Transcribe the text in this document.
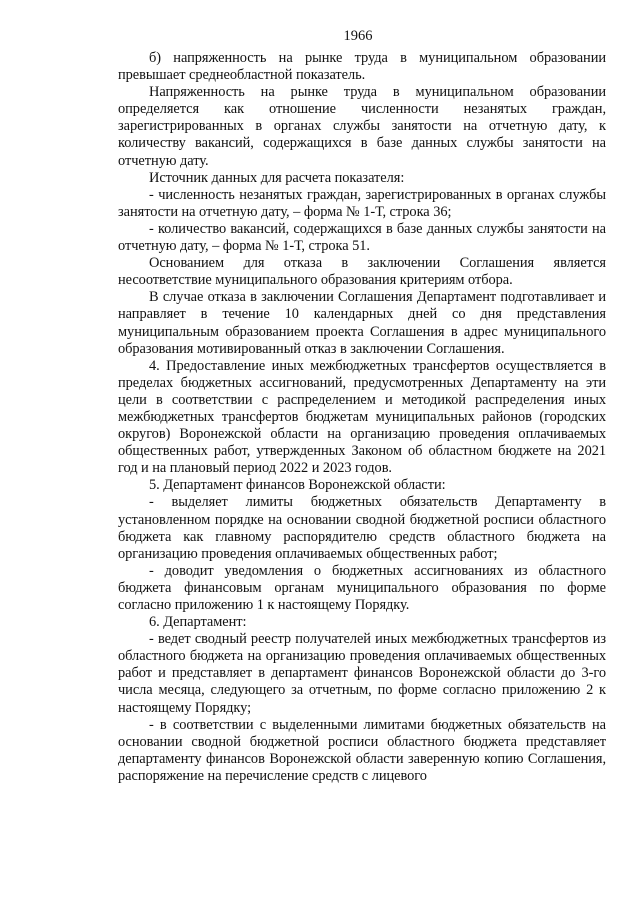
1966

б) напряженность на рынке труда в муниципальном образовании превышает среднеобластной показатель.

Напряженность на рынке труда в муниципальном образовании определяется как отношение численности незанятых граждан, зарегистрированных в органах службы занятости на отчетную дату, к количеству вакансий, содержащихся в базе данных службы занятости на отчетную дату.

Источник данных для расчета показателя:

- численность незанятых граждан, зарегистрированных в органах службы занятости на отчетную дату, – форма № 1-Т, строка 36;

- количество вакансий, содержащихся в базе данных службы занятости на отчетную дату, – форма № 1-Т, строка 51.

Основанием для отказа в заключении Соглашения является несоответствие муниципального образования критериям отбора.

В случае отказа в заключении Соглашения Департамент подготавливает и направляет в течение 10 календарных дней со дня представления муниципальным образованием проекта Соглашения в адрес муниципального образования мотивированный отказ в заключении Соглашения.

4. Предоставление иных межбюджетных трансфертов осуществляется в пределах бюджетных ассигнований, предусмотренных Департаменту на эти цели в соответствии с распределением и методикой распределения иных межбюджетных трансфертов бюджетам муниципальных районов (городских округов) Воронежской области на организацию проведения оплачиваемых общественных работ, утвержденных Законом об областном бюджете на 2021 год и на плановый период 2022 и 2023 годов.

5. Департамент финансов Воронежской области:

- выделяет лимиты бюджетных обязательств Департаменту в установленном порядке на основании сводной бюджетной росписи областного бюджета как главному распорядителю средств областного бюджета на организацию проведения оплачиваемых общественных работ;

- доводит уведомления о бюджетных ассигнованиях из областного бюджета финансовым органам муниципального образования по форме согласно приложению 1 к настоящему Порядку.

6. Департамент:

- ведет сводный реестр получателей иных межбюджетных трансфертов из областного бюджета на организацию проведения оплачиваемых общественных работ и представляет в департамент финансов Воронежской области до 3-го числа месяца, следующего за отчетным, по форме согласно приложению 2 к настоящему Порядку;

- в соответствии с выделенными лимитами бюджетных обязательств на основании сводной бюджетной росписи областного бюджета представляет департаменту финансов Воронежской области заверенную копию Соглашения, распоряжение на перечисление средств с лицевого
